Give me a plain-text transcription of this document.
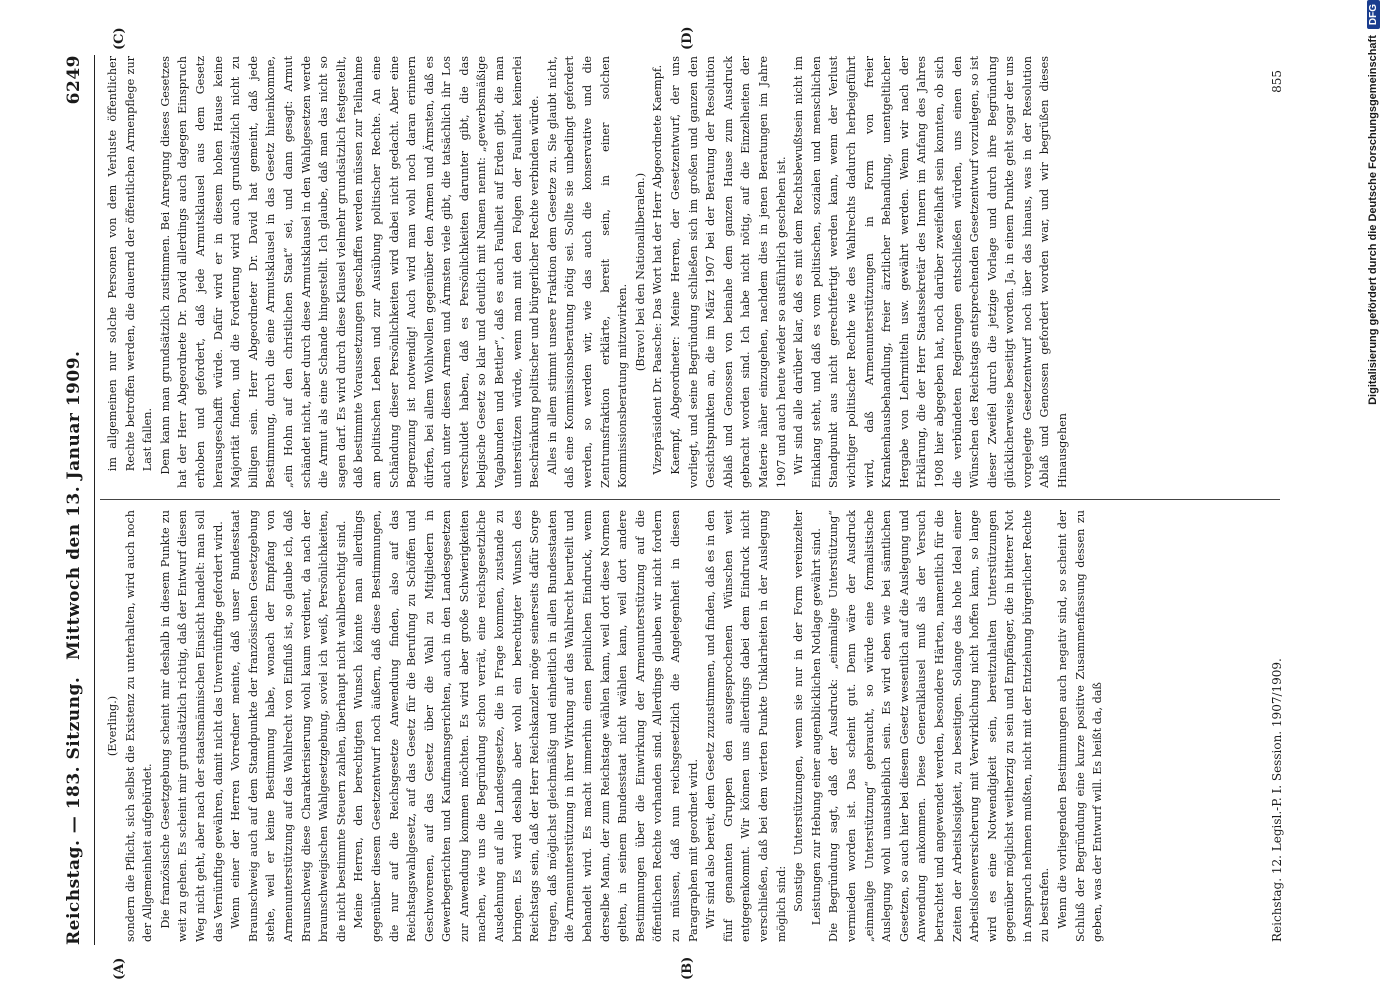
Reichstag. — 183. Sitzung.
Mittwoch den 13. Januar 1909.
6249
(A)	(B)
(C)	(D)

(Everling.) sondern die Pflicht, sich selbst die Existenz zu unterhalten, wird auch noch der Allgemeinheit aufgebürdet. Die französische Gesetzgebung scheint mir deshalb in diesem Punkte zu weit zu gehen. Es scheint mir grundsätzlich richtig, daß der Entwurf diesen Weg nicht geht, aber nach der staatsmännischen Einsicht handelt: man soll das Vernünftige gewähren, damit nicht das Unvernünftige gefordert wird. Wenn einer der Herren Vorredner meinte, daß unser Bundesstaat Braunschweig auch auf dem Standpunkte der französischen Gesetzgebung stehe, weil er keine Bestimmung habe, wonach der Empfang von Armenunterstützung auf das Wahlrecht von Einfluß ist, so glaube ich, daß Braunschweig diese Charakterisierung wohl kaum verdient, da nach der braunschweigischen Wahlgesetzgebung, soviel ich weiß, Persönlichkeiten, die nicht bestimmte Steuern zahlen, überhaupt nicht wahlberechtigt sind. Meine Herren, den berechtigten Wunsch könnte man allerdings gegenüber diesem Gesetzentwurf noch äußern, daß diese Bestimmungen, die nur auf die Reichsgesetze Anwendung finden, also auf das Reichstagswahlgesetz, auf das Gesetz für die Berufung zu Schöffen und Geschworenen, auf das Gesetz über die Wahl zu Mitgliedern in Gewerbegerichten und Kaufmannsgerichten, auch in den Landesgesetzen zur Anwendung kommen möchten. Es wird aber große Schwierigkeiten machen, wie uns die Begründung schon verrät, eine reichsgesetzliche Ausdehnung auf alle Landesgesetze, die in Frage kommen, zustande zu bringen. Es wird deshalb aber wohl ein berechtigter Wunsch des Reichstags sein, daß der Herr Reichskanzler möge seinerseits dafür Sorge tragen, daß möglichst gleichmäßig und einheitlich in allen Bundesstaaten die Armenunterstützung in ihrer Wirkung auf das Wahlrecht beurteilt und behandelt wird. Es macht immerhin einen peinlichen Eindruck, wenn derselbe Mann, der zum Reichstage wählen kann, weil dort diese Normen gelten, in seinem Bundesstaat nicht wählen kann, weil dort andere Bestimmungen über die Einwirkung der Armenunterstützung auf die öffentlichen Rechte vorhanden sind. Allerdings glauben wir nicht fordern zu müssen, daß nun reichsgesetzlich die Angelegenheit in diesen Paragraphen mit geordnet wird. Wir sind also bereit, dem Gesetz zuzustimmen, und finden, daß es in den fünf genannten Gruppen den ausgesprochenen Wünschen weit entgegenkommt. Wir können uns allerdings dabei dem Eindruck nicht verschließen, daß bei dem vierten Punkte Unklarheiten in der Auslegung möglich sind: Sonstige Unterstützungen, wenn sie nur in der Form vereinzelter Leistungen zur Hebung einer augenblicklichen Notlage gewährt sind. Die Begründung sagt, daß der Ausdruck: „einmalige Unterstützung“ vermieden worden ist. Das scheint gut. Denn wäre der Ausdruck „einmalige Unterstützung“ gebraucht, so würde eine formalistische Auslegung wohl unausbleiblich sein. Es wird eben wie bei sämtlichen Gesetzen, so auch hier bei diesem Gesetz wesentlich auf die Auslegung und Anwendung ankommen. Diese Generalklausel muß als der Versuch betrachtet und angewendet werden, besondere Härten, namentlich für die Zeiten der Arbeitslosigkeit, zu beseitigen. Solange das hohe Ideal einer Arbeitslosenversicherung mit Verwirklichung nicht hoffen kann, so lange wird es eine Notwendigkeit sein, bereitzuhalten Unterstützungen gegenüber möglichst weitherzig zu sein und Empfänger, die in bitterer Not in Anspruch nehmen mußten, nicht mit der Entziehung bürgerlicher Rechte zu bestrafen. Wenn die vorliegenden Bestimmungen auch negativ sind, so scheint der Schluß der Begründung eine kurze positive Zusammenfassung dessen zu geben, was der Entwurf will. Es heißt da, daß

im allgemeinen nur solche Personen von dem Verluste öffentlicher Rechte betroffen werden, die dauernd der öffentlichen Armenpflege zur Last fallen. Dem kann man grundsätzlich zustimmen. Bei Anregung dieses Gesetzes hat der Herr Abgeordnete Dr. David allerdings auch dagegen Einspruch erhoben und gefordert, daß jede Armutsklausel aus dem Gesetz herausgeschafft würde. Dafür wird er in diesem hohen Hause keine Majorität finden, und die Forderung wird auch grundsätzlich nicht zu billigen sein. Herr Abgeordneter Dr. David hat gemeint, daß jede Bestimmung, durch die eine Armutsklausel in das Gesetz hineinkomme, „ein Hohn auf den christlichen Staat“ sei, und dann gesagt: Armut schändet nicht, aber durch diese Armutsklausel in den Wahlgesetzen werde die Armut als eine Schande hingestellt. Ich glaube, daß man das nicht so sagen darf. Es wird durch diese Klausel vielmehr grundsätzlich festgestellt, daß bestimmte Voraussetzungen geschaffen werden müssen zur Teilnahme am politischen Leben und zur Ausübung politischer Rechte. An eine Schändung dieser Persönlichkeiten wird dabei nicht gedacht. Aber eine Begrenzung ist notwendig! Auch wird man wohl noch daran erinnern dürfen, bei allem Wohlwollen gegenüber den Armen und Ärmsten, daß es auch unter diesen Armen und Ärmsten viele gibt, die tatsächlich ihr Los verschuldet haben, daß es Persönlichkeiten darunter gibt, die das belgische Gesetz so klar und deutlich mit Namen nennt: „gewerbsmäßige Vagabunden und Bettler“, daß es auch Faulheit auf Erden gibt, die man unterstützen würde, wenn man mit den Folgen der Faulheit keinerlei Beschränkung politischer und bürgerlicher Rechte verbinden würde. Alles in allem stimmt unsere Fraktion dem Gesetze zu. Sie glaubt nicht, daß eine Kommissionsberatung nötig sei. Sollte sie unbedingt gefordert werden, so werden wir, wie das auch die konservative und die Zentrumsfraktion erklärte, bereit sein, in einer solchen Kommissionsberatung mitzuwirken.

(Bravo! bei den Nationalliberalen.) Vizepräsident Dr. Paasche: Das Wort hat der Herr Abgeordnete Kaempf. Kaempf, Abgeordneter: Meine Herren, der Gesetzentwurf, der uns vorliegt, und seine Begründung schließen sich im großen und ganzen den Gesichtspunkten an, die im März 1907 bei der Beratung der Resolution Ablaß und Genossen von beinahe dem ganzen Hause zum Ausdruck gebracht worden sind. Ich habe nicht nötig, auf die Einzelheiten der Materie näher einzugehen, nachdem dies in jenen Beratungen im Jahre 1907 und auch heute wieder so ausführlich geschehen ist. Wir sind alle darüber klar, daß es mit dem Rechtsbewußtsein nicht im Einklang steht, und daß es vom politischen, sozialen und menschlichen Standpunkt aus nicht gerechtfertigt werden kann, wenn der Verlust wichtiger politischer Rechte wie des Wahlrechts dadurch herbeigeführt wird, daß Armenunterstützungen in Form von freier Krankenhausbehandlung, freier ärztlicher Behandlung, unentgeltlicher Hergabe von Lehrmitteln usw. gewährt werden. Wenn wir nach der Erklärung, die der Herr Staatssekretär des Innern im Anfang des Jahres 1908 hier abgegeben hat, noch darüber zweifelhaft sein konnten, ob sich die verbündeten Regierungen entschließen würden, uns einen den Wünschen des Reichstags entsprechenden Gesetzentwurf vorzulegen, so ist dieser Zweifel durch die jetzige Vorlage und durch ihre Begründung glücklicherweise beseitigt worden. Ja, in einem Punkte geht sogar der uns vorgelegte Gesetzentwurf noch über das hinaus, was in der Resolution Ablaß und Genossen gefordert worden war, und wir begrüßen dieses Hinausgehen

Reichstag. 12. Legisl.-P. I. Session. 1907/1909.
855	Digitalisierung gefördert durch die Deutsche Forschungsgemeinschaft
DFG
